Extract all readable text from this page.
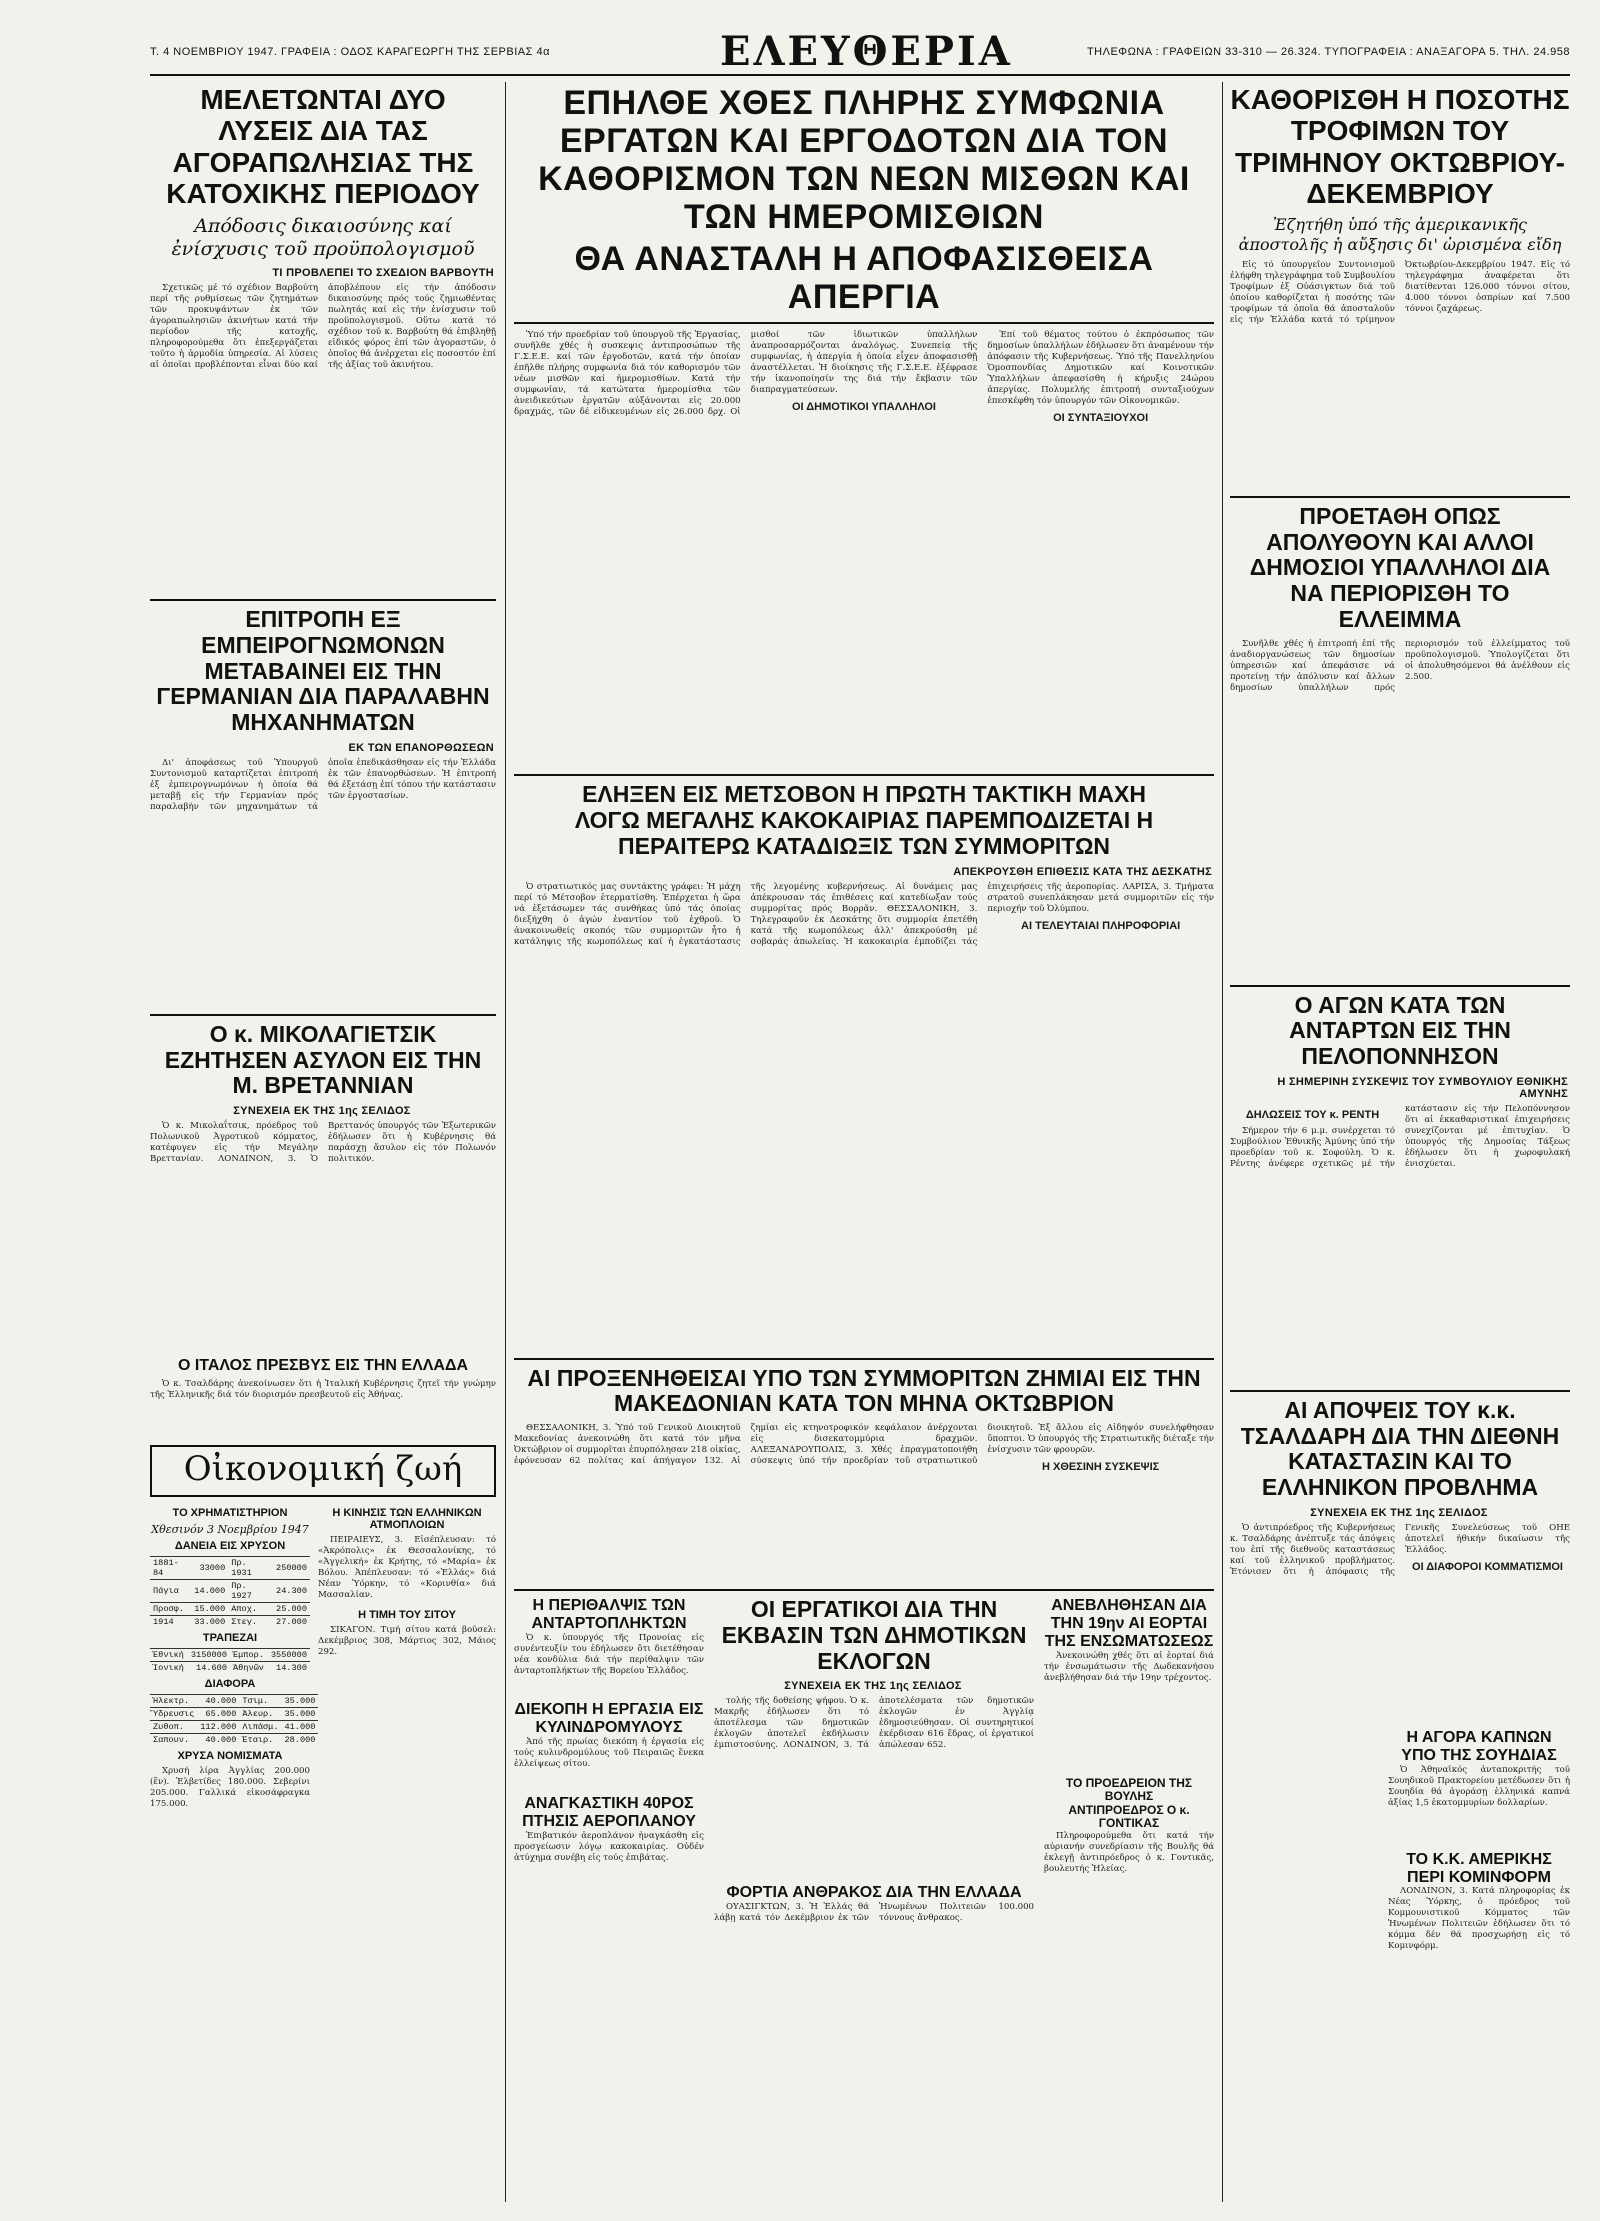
Τ. 4 ΝΟΕΜΒΡΙΟΥ 1947. ΓΡΑΦΕΙΑ : ΟΔΟΣ ΚΑΡΑΓΕΩΡΓΗ ΤΗΣ ΣΕΡΒΙΑΣ 4α	ΕΛΕΥΘΕΡΙΑ	ΤΗΛΕΦΩΝΑ : ΓΡΑΦΕΙΩΝ 33-310 — 26.324. ΤΥΠΟΓΡΑΦΕΙΑ : ΑΝΑΞΑΓΟΡΑ 5. ΤΗΛ. 24.958
ΜΕΛΕΤΩΝΤΑΙ ΔΥΟ ΛΥΣΕΙΣ ΔΙΑ ΤΑΣ ΑΓΟΡΑΠΩΛΗΣΙΑΣ ΤΗΣ ΚΑΤΟΧΙΚΗΣ ΠΕΡΙΟΔΟΥ
Απόδοσις δικαιοσύνης καί ἐνίσχυσις τοῦ προϋπολογισμοῦ
ΤΙ ΠΡΟΒΛΕΠΕΙ ΤΟ ΣΧΕΔΙΟΝ ΒΑΡΒΟΥΤΗ

Σχετικῶς μέ τό σχέδιον Βαρβούτη περί τῆς ρυθμίσεως τῶν ζητημάτων τῶν προκυψάντων ἐκ τῶν ἀγοραπωλησιῶν ἀκινήτων κατά τήν περίοδον τῆς κατοχῆς, πληροφορούμεθα ὅτι ἐπεξεργάζεται τοῦτο ἡ ἁρμοδία ὑπηρεσία. Αἱ λύσεις αἱ ὁποῖαι προβλέπονται εἶναι δύο καί ἀποβλέπουν εἰς τήν ἀπόδοσιν δικαιοσύνης πρός τούς ζημιωθέντας πωλητάς καί εἰς τήν ἐνίσχυσιν τοῦ προϋπολογισμοῦ. Οὕτω κατά τό σχέδιον τοῦ κ. Βαρβούτη θά ἐπιβληθῇ εἰδικός φόρος ἐπί τῶν ἀγοραστῶν, ὁ ὁποῖος θά ἀνέρχεται εἰς ποσοστόν ἐπί τῆς ἀξίας τοῦ ἀκινήτου.

ΕΠΙΤΡΟΠΗ ΕΞ ΕΜΠΕΙΡΟΓΝΩΜΟΝΩΝ ΜΕΤΑΒΑΙΝΕΙ ΕΙΣ ΤΗΝ ΓΕΡΜΑΝΙΑΝ ΔΙΑ ΠΑΡΑΛΑΒΗΝ ΜΗΧΑΝΗΜΑΤΩΝ
ΕΚ ΤΩΝ ΕΠΑΝΟΡΘΩΣΕΩΝ

Δι' ἀποφάσεως τοῦ Ὑπουργοῦ Συντονισμοῦ καταρτίζεται ἐπιτροπή ἐξ ἐμπειρογνωμόνων ἡ ὁποία θά μεταβῇ εἰς τήν Γερμανίαν πρός παραλαβήν τῶν μηχανημάτων τά ὁποῖα ἐπεδικάσθησαν εἰς τήν Ἑλλάδα ἐκ τῶν ἐπανορθώσεων. Ἡ ἐπιτροπή θά ἐξετάσῃ ἐπί τόπου τήν κατάστασιν τῶν ἐργοστασίων.

Ο κ. ΜΙΚΟΛΑΓΙΕΤΣΙΚ ΕΖΗΤΗΣΕΝ ΑΣΥΛΟΝ ΕΙΣ ΤΗΝ Μ. ΒΡΕΤΑΝΝΙΑΝ
ΣΥΝΕΧΕΙΑ ΕΚ ΤΗΣ 1ης ΣΕΛΙΔΟΣ

Ὁ κ. Μικολαΐτσικ, πρόεδρος τοῦ Πολωνικοῦ Ἀγροτικοῦ κόμματος, κατέφυγεν εἰς τήν Μεγάλην Βρεττανίαν. ΛΟΝΔΙΝΟΝ, 3. Ὁ Βρεττανός ὑπουργός τῶν Ἐξωτερικῶν ἐδήλωσεν ὅτι ἡ Κυβέρνησις θά παράσχῃ ἄσυλον εἰς τόν Πολωνόν πολιτικόν.

Ο ΙΤΑΛΟΣ ΠΡΕΣΒΥΣ ΕΙΣ ΤΗΝ ΕΛΛΑΔΑ

Ὁ κ. Τσαλδάρης ἀνεκοίνωσεν ὅτι ἡ Ἰταλική Κυβέρνησις ζητεῖ τήν γνώμην τῆς Ἑλληνικῆς διά τόν διορισμόν πρεσβευτοῦ εἰς Ἀθήνας.

Οἰκονομική ζωή
ΤΟ ΧΡΗΜΑΤΙΣΤΗΡΙΟΝ
Χθεσινόν 3 Νοεμβρίου 1947
ΔΑΝΕΙΑ ΕΙΣ ΧΡΥΣΟΝ
1881-84	33000	Πρ. 1931	250000
Πάγια	14.000	Πρ. 1927	24.300
Προσφ.	15.000	Αποχ.	25.000
1914	33.000	Στεγ.	27.000
ΤΡΑΠΕΖΑΙ
Ἐθνική	3150000	Ἐμπορ.	3550000
Ἰονική	14.600	Ἀθηνῶν	14.300
ΔΙΑΦΟΡΑ
Ἠλεκτρ.	40.000	Τσιμ.	35.000
Ὕδρευσις	65.000	Ἀλευρ.	35.000
Ζυθοπ.	112.000	Λιπάσμ.	41.000
Σαπουν.	40.000	Ἐταιρ.	28.000
ΧΡΥΣΑ ΝΟΜΙΣΜΑΤΑ

Χρυσή λίρα Ἀγγλίας 200.000 (ἕν). Ἐλβετίδες 180.000. Σεβερίνι 205.000. Γαλλικά εἰκοσάφραγκα 175.000.

Η ΚΙΝΗΣΙΣ ΤΩΝ ΕΛΛΗΝΙΚΩΝ ΑΤΜΟΠΛΟΙΩΝ

ΠΕΙΡΑΙΕΥΣ, 3. Εἰσέπλευσαν: τό «Ἀκρόπολις» ἐκ Θεσσαλονίκης, τό «Ἀγγελική» ἐκ Κρήτης, τό «Μαρία» ἐκ Βόλου. Ἀπέπλευσαν: τό «Ἑλλάς» διά Νέαν Ὑόρκην, τό «Κορινθία» διά Μασσαλίαν.

Η ΤΙΜΗ ΤΟΥ ΣΙΤΟΥ

ΣΙΚΑΓΟΝ. Τιμή σίτου κατά βοῦσελ: Δεκέμβριος 308, Μάρτιος 302, Μάιος 292.

ΕΠΗΛΘΕ ΧΘΕΣ ΠΛΗΡΗΣ ΣΥΜΦΩΝΙΑ ΕΡΓΑΤΩΝ ΚΑΙ ΕΡΓΟΔΟΤΩΝ ΔΙΑ ΤΟΝ ΚΑΘΟΡΙΣΜΟΝ ΤΩΝ ΝΕΩΝ ΜΙΣΘΩΝ ΚΑΙ ΤΩΝ ΗΜΕΡΟΜΙΣΘΙΩΝ
ΘΑ ΑΝΑΣΤΑΛΗ Η ΑΠΟΦΑΣΙΣΘΕΙΣΑ ΑΠΕΡΓΙΑ

Ὑπό τήν προεδρίαν τοῦ ὑπουργοῦ τῆς Ἐργασίας, συνῆλθε χθές ἡ συσκεψις ἀντιπροσώπων τῆς Γ.Σ.Ε.Ε. καί τῶν ἐργοδοτῶν, κατά τήν ὁποίαν ἐπῆλθε πλήρης συμφωνία διά τόν καθορισμόν τῶν νέων μισθῶν καί ἡμερομισθίων. Κατά τήν συμφωνίαν, τά κατώτατα ἡμερομίσθια τῶν ἀνειδικεύτων ἐργατῶν αὐξάνονται εἰς 20.000 δραχμάς, τῶν δέ εἰδικευμένων εἰς 26.000 δρχ. Οἱ μισθοί τῶν ἰδιωτικῶν ὑπαλλήλων ἀναπροσαρμόζονται ἀναλόγως. Συνεπείᾳ τῆς συμφωνίας, ἡ ἀπεργία ἡ ὁποία εἶχεν ἀποφασισθῇ ἀναστέλλεται. Ἡ διοίκησις τῆς Γ.Σ.Ε.Ε. ἐξέφρασε τήν ἱκανοποίησίν της διά τήν ἔκβασιν τῶν διαπραγματεύσεων.

ΟΙ ΔΗΜΟΤΙΚΟΙ ΥΠΑΛΛΗΛΟΙ

Ἐπί τοῦ θέματος τούτου ὁ ἐκπρόσωπος τῶν δημοσίων ὑπαλλήλων ἐδήλωσεν ὅτι ἀναμένουν τήν ἀπόφασιν τῆς Κυβερνήσεως. Ὑπό τῆς Πανελληνίου Ὁμοσπονδίας Δημοτικῶν καί Κοινοτικῶν Ὑπαλλήλων ἀπεφασίσθη ἡ κήρυξις 24ώρου ἀπεργίας. Πολυμελής ἐπιτροπή συνταξιούχων ἐπεσκέφθη τόν ὑπουργόν τῶν Οἰκονομικῶν.

ΟΙ ΣΥΝΤΑΞΙΟΥΧΟΙ
ΕΛΗΞΕΝ ΕΙΣ ΜΕΤΣΟΒΟΝ Η ΠΡΩΤΗ ΤΑΚΤΙΚΗ ΜΑΧΗ
ΛΟΓΩ ΜΕΓΑΛΗΣ ΚΑΚΟΚΑΙΡΙΑΣ ΠΑΡΕΜΠΟΔΙΖΕΤΑΙ Η ΠΕΡΑΙΤΕΡΩ ΚΑΤΑΔΙΩΞΙΣ ΤΩΝ ΣΥΜΜΟΡΙΤΩΝ
ΑΠΕΚΡΟΥΣΘΗ ΕΠΙΘΕΣΙΣ ΚΑΤΑ ΤΗΣ ΔΕΣΚΑΤΗΣ

Ὁ στρατιωτικός μας συντάκτης γράφει: Ἡ μάχη περί τό Μέτσοβον ἐτερματίσθη. Ἐπέρχεται ἡ ὥρα νά ἐξετάσωμεν τάς συνθήκας ὑπό τάς ὁποίας διεξήχθη ὁ ἀγών ἐναντίον τοῦ ἐχθροῦ. Ὁ ἀνακοινωθείς σκοπός τῶν συμμοριτῶν ἦτο ἡ κατάληψις τῆς κωμοπόλεως καί ἡ ἐγκατάστασις τῆς λεγομένης κυβερνήσεως. Αἱ δυνάμεις μας ἀπέκρουσαν τάς ἐπιθέσεις καί κατεδίωξαν τούς συμμορίτας πρός Βορρᾶν. ΘΕΣΣΑΛΟΝΙΚΗ, 3. Τηλεγραφοῦν ἐκ Δεσκάτης ὅτι συμμορία ἐπετέθη κατά τῆς κωμοπόλεως ἀλλ' ἀπεκρούσθη μέ σοβαράς ἀπωλείας. Ἡ κακοκαιρία ἐμποδίζει τάς ἐπιχειρήσεις τῆς ἀεροπορίας. ΛΑΡΙΣΑ, 3. Τμήματα στρατοῦ συνεπλάκησαν μετά συμμοριτῶν εἰς τήν περιοχήν τοῦ Ὀλύμπου.

ΑΙ ΤΕΛΕΥΤΑΙΑΙ ΠΛΗΡΟΦΟΡΙΑΙ
ΑΙ ΠΡΟΞΕΝΗΘΕΙΣΑΙ ΥΠΟ ΤΩΝ ΣΥΜΜΟΡΙΤΩΝ ΖΗΜΙΑΙ ΕΙΣ ΤΗΝ ΜΑΚΕΔΟΝΙΑΝ ΚΑΤΑ ΤΟΝ ΜΗΝΑ ΟΚΤΩΒΡΙΟΝ

ΘΕΣΣΑΛΟΝΙΚΗ, 3. Ὑπό τοῦ Γενικοῦ Διοικητοῦ Μακεδονίας ἀνεκοινώθη ὅτι κατά τόν μῆνα Ὀκτώβριον οἱ συμμορῖται ἐπυρπόλησαν 218 οἰκίας, ἐφόνευσαν 62 πολίτας καί ἀπήγαγον 132. Αἱ ζημίαι εἰς κτηνοτροφικόν κεφάλαιον ἀνέρχονται εἰς δισεκατομμύρια δραχμῶν. ΑΛΕΞΑΝΔΡΟΥΠΟΛΙΣ, 3. Χθές ἐπραγματοποιήθη σύσκεψις ὑπό τήν προεδρίαν τοῦ στρατιωτικοῦ διοικητοῦ. Ἐξ ἄλλου εἰς Αἰδηψόν συνελήφθησαν ὕποπτοι. Ὁ ὑπουργός τῆς Στρατιωτικῆς διέταξε τήν ἐνίσχυσιν τῶν φρουρῶν.

Η ΧΘΕΣΙΝΗ ΣΥΣΚΕΨΙΣ
Η ΠΕΡΙΘΑΛΨΙΣ ΤΩΝ ΑΝΤΑΡΤΟΠΛΗΚΤΩΝ

Ὁ κ. ὑπουργός τῆς Προνοίας εἰς συνέντευξίν του ἐδήλωσεν ὅτι διετέθησαν νέα κονδύλια διά τήν περίθαλψιν τῶν ἀνταρτοπλήκτων τῆς Βορείου Ἑλλάδος.

ΔΙΕΚΟΠΗ Η ΕΡΓΑΣΙΑ ΕΙΣ ΚΥΛΙΝΔΡΟΜΥΛΟΥΣ

Ἀπό τῆς πρωίας διεκόπη ἡ ἐργασία εἰς τούς κυλινδρομύλους τοῦ Πειραιῶς ἕνεκα ἐλλείψεως σίτου.

ΑΝΑΓΚΑΣΤΙΚΗ 40ΡΟΣ ΠΤΗΣΙΣ ΑΕΡΟΠΛΑΝΟΥ

Ἐπιβατικόν ἀεροπλάνον ἠναγκάσθη εἰς προσγείωσιν λόγῳ κακοκαιρίας. Οὐδέν ἀτύχημα συνέβη εἰς τούς ἐπιβάτας.

ΟΙ ΕΡΓΑΤΙΚΟΙ ΔΙΑ ΤΗΝ ΕΚΒΑΣΙΝ ΤΩΝ ΔΗΜΟΤΙΚΩΝ ΕΚΛΟΓΩΝ
ΣΥΝΕΧΕΙΑ ΕΚ ΤΗΣ 1ης ΣΕΛΙΔΟΣ

τολής τῆς δοθείσης ψήφου. Ὁ κ. Μακρῆς ἐδήλωσεν ὅτι τό ἀποτέλεσμα τῶν δημοτικῶν ἐκλογῶν ἀποτελεῖ ἐκδήλωσιν ἐμπιστοσύνης. ΛΟΝΔΙΝΟΝ, 3. Τά ἀποτελέσματα τῶν δημοτικῶν ἐκλογῶν ἐν Ἀγγλίᾳ ἐδημοσιεύθησαν. Οἱ συντηρητικοί ἐκέρδισαν 616 ἕδρας, οἱ ἐργατικοί ἀπώλεσαν 652.

ΦΟΡΤΙΑ ΑΝΘΡΑΚΟΣ ΔΙΑ ΤΗΝ ΕΛΛΑΔΑ

ΟΥΑΣΙΓΚΤΩΝ, 3. Ἡ Ἐλλάς θά λάβῃ κατά τόν Δεκέμβριον ἐκ τῶν Ἡνωμένων Πολιτειῶν 100.000 τόννους ἄνθρακος.

ΑΝΕΒΛΗΘΗΣΑΝ ΔΙΑ ΤΗΝ 19ην ΑΙ ΕΟΡΤΑΙ ΤΗΣ ΕΝΣΩΜΑΤΩΣΕΩΣ

Ἀνεκοινώθη χθές ὅτι αἱ ἑορταί διά τήν ἐνσωμάτωσιν τῆς Δωδεκανήσου ἀνεβλήθησαν διά τήν 19ην τρέχοντος.

ΤΟ ΠΡΟΕΔΡΕΙΟΝ ΤΗΣ ΒΟΥΛΗΣ
ΑΝΤΙΠΡΟΕΔΡΟΣ Ο κ. ΓΟΝΤΙΚΑΣ

Πληροφορούμεθα ὅτι κατά τήν αὐριανήν συνεδρίασιν τῆς Βουλῆς θά ἐκλεγῇ ἀντιπρόεδρος ὁ κ. Γοντικᾶς, βουλευτής Ἠλείας.

ΚΑΘΟΡΙΣΘΗ Η ΠΟΣΟΤΗΣ ΤΡΟΦΙΜΩΝ ΤΟΥ ΤΡΙΜΗΝΟΥ ΟΚΤΩΒΡΙΟΥ-ΔΕΚΕΜΒΡΙΟΥ
Ἐζητήθη ὑπό τῆς ἀμερικανικῆς ἀποστολῆς ἡ αὔξησις δι' ὡρισμένα εἴδη

Εἰς τό ὑπουργεῖον Συντονισμοῦ ἐλήφθη τηλεγράφημα τοῦ Συμβουλίου Τροφίμων ἐξ Οὐάσιγκτων διά τοῦ ὁποίου καθορίζεται ἡ ποσότης τῶν τροφίμων τά ὁποῖα θά ἀποσταλοῦν εἰς τήν Ἑλλάδα κατά τό τρίμηνον Ὀκτωβρίου-Δεκεμβρίου 1947. Εἰς τό τηλεγράφημα ἀναφέρεται ὅτι διατίθενται 126.000 τόννοι σίτου, 4.000 τόννοι ὀσπρίων καί 7.500 τόννοι ζαχάρεως.

ΠΡΟΕΤΑΘΗ ΟΠΩΣ ΑΠΟΛΥΘΟΥΝ ΚΑΙ ΑΛΛΟΙ ΔΗΜΟΣΙΟΙ ΥΠΑΛΛΗΛΟΙ ΔΙΑ ΝΑ ΠΕΡΙΟΡΙΣΘΗ ΤΟ ΕΛΛΕΙΜΜΑ

Συνῆλθε χθές ἡ ἐπιτροπή ἐπί τῆς ἀναδιοργανώσεως τῶν δημοσίων ὑπηρεσιῶν καί ἀπεφάσισε νά προτείνῃ τήν ἀπόλυσιν καί ἄλλων δημοσίων ὑπαλλήλων πρός περιορισμόν τοῦ ἐλλείμματος τοῦ προϋπολογισμοῦ. Ὑπολογίζεται ὅτι οἱ ἀπολυθησόμενοι θά ἀνέλθουν εἰς 2.500.

Ο ΑΓΩΝ ΚΑΤΑ ΤΩΝ ΑΝΤΑΡΤΩΝ ΕΙΣ ΤΗΝ ΠΕΛΟΠΟΝΝΗΣΟΝ
Η ΣΗΜΕΡΙΝΗ ΣΥΣΚΕΨΙΣ ΤΟΥ ΣΥΜΒΟΥΛΙΟΥ ΕΘΝΙΚΗΣ ΑΜΥΝΗΣ
ΔΗΛΩΣΕΙΣ ΤΟΥ κ. ΡΕΝΤΗ

Σήμερον τήν 6 μ.μ. συνέρχεται τό Συμβούλιον Ἐθνικῆς Ἀμύνης ὑπό τήν προεδρίαν τοῦ κ. Σοφούλη. Ὁ κ. Ρέντης ἀνέφερε σχετικῶς μέ τήν κατάστασιν εἰς τήν Πελοπόννησον ὅτι αἱ ἐκκαθαριστικαί ἐπιχειρήσεις συνεχίζονται μέ ἐπιτυχίαν. Ὁ ὑπουργός τῆς Δημοσίας Τάξεως ἐδήλωσεν ὅτι ἡ χωροφυλακή ἐνισχύεται.

ΑΙ ΑΠΟΨΕΙΣ ΤΟΥ κ.κ. ΤΣΑΛΔΑΡΗ ΔΙΑ ΤΗΝ ΔΙΕΘΝΗ ΚΑΤΑΣΤΑΣΙΝ ΚΑΙ ΤΟ ΕΛΛΗΝΙΚΟΝ ΠΡΟΒΛΗΜΑ
ΣΥΝΕΧΕΙΑ ΕΚ ΤΗΣ 1ης ΣΕΛΙΔΟΣ

Ὁ ἀντιπρόεδρος τῆς Κυβερνήσεως κ. Τσαλδάρης ἀνέπτυξε τάς ἀπόψεις του ἐπί τῆς διεθνοῦς καταστάσεως καί τοῦ ἑλληνικοῦ προβλήματος. Ἐτόνισεν ὅτι ἡ ἀπόφασις τῆς Γενικῆς Συνελεύσεως τοῦ ΟΗΕ ἀποτελεῖ ἠθικήν δικαίωσιν τῆς Ἑλλάδος.

ΟΙ ΔΙΑΦΟΡΟΙ ΚΟΜΜΑΤΙΣΜΟΙ
Η ΑΓΟΡΑ ΚΑΠΝΩΝ ΥΠΟ ΤΗΣ ΣΟΥΗΔΙΑΣ

Ὁ Ἀθηναϊκός ἀνταποκριτής τοῦ Σουηδικοῦ Πρακτορείου μετέδωσεν ὅτι ἡ Σουηδία θά ἀγοράσῃ ἑλληνικά καπνά ἀξίας 1,5 ἑκατομμυρίων δολλαρίων.

ΤΟ Κ.Κ. ΑΜΕΡΙΚΗΣ ΠΕΡΙ ΚΟΜΙΝΦΟΡΜ

ΛΟΝΔΙΝΟΝ, 3. Κατά πληροφορίας ἐκ Νέας Ὑόρκης, ὁ πρόεδρος τοῦ Κομμουνιστικοῦ Κόμματος τῶν Ἡνωμένων Πολιτειῶν ἐδήλωσεν ὅτι τό κόμμα δέν θά προσχωρήσῃ εἰς τό Κομινφόρμ.
